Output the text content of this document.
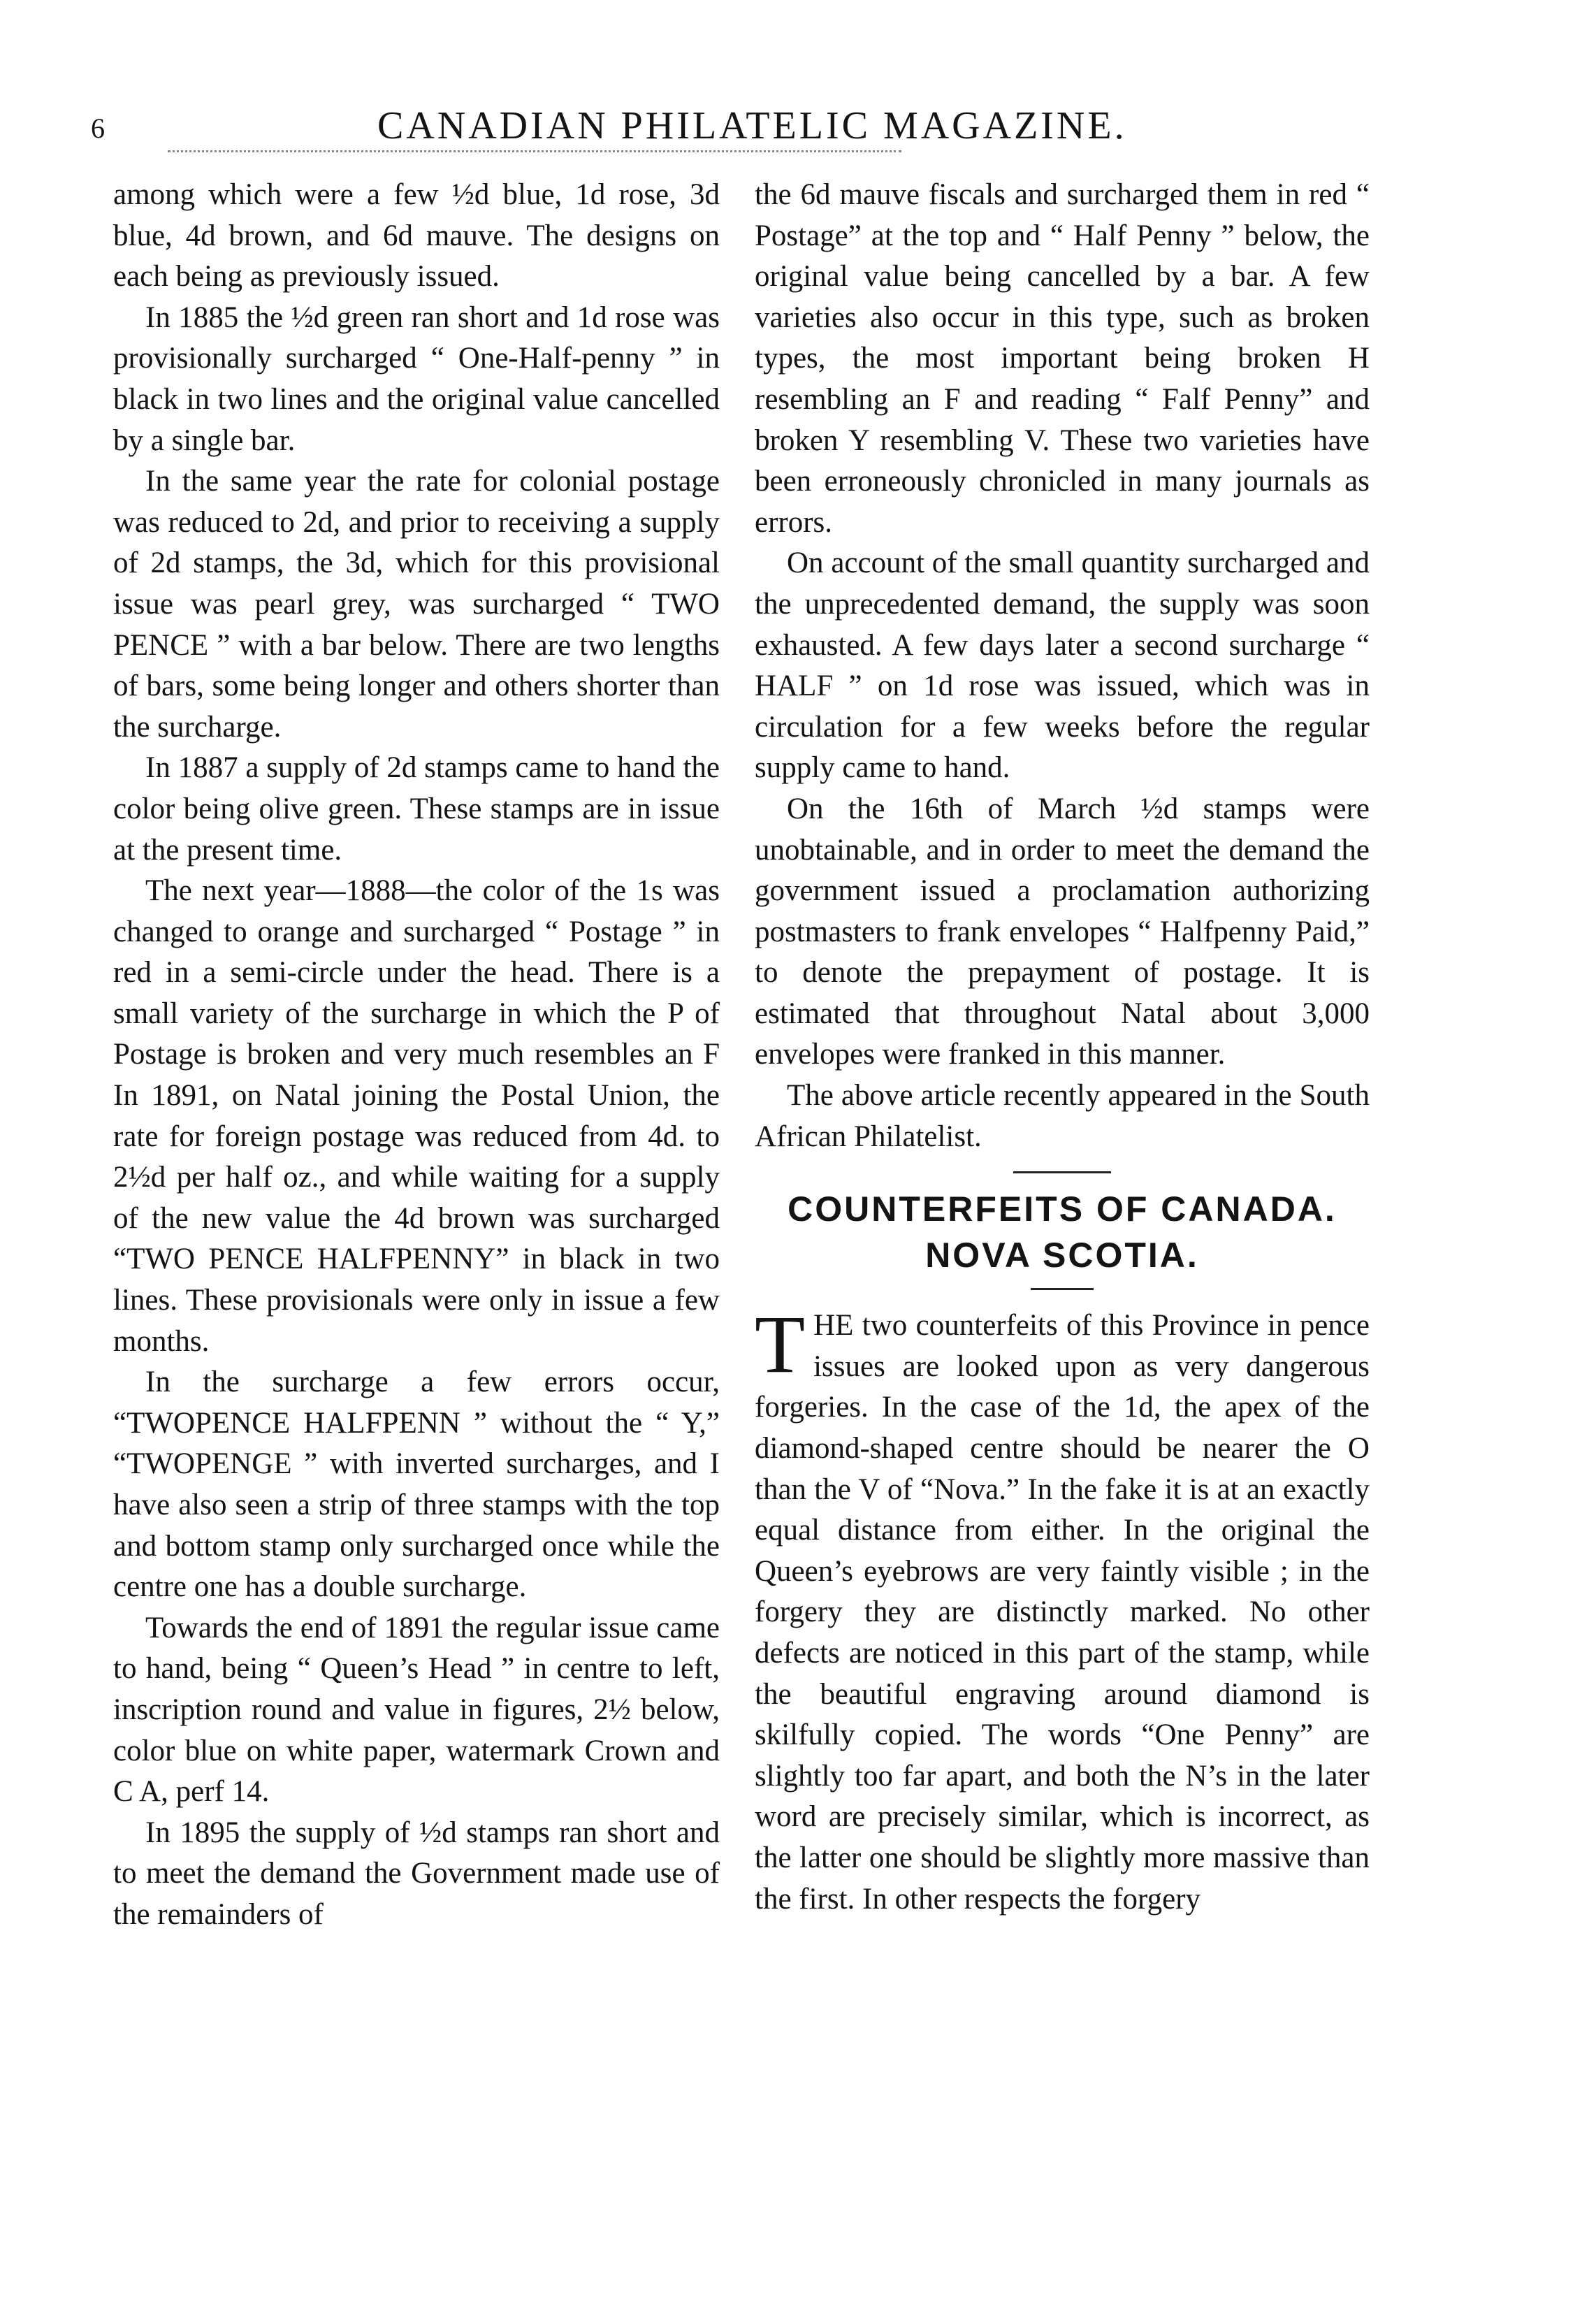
6	CANADIAN PHILATELIC MAGAZINE.

among which were a few ½d blue, 1d rose, 3d blue, 4d brown, and 6d mauve. The designs on each being as previously issued.

In 1885 the ½d green ran short and 1d rose was provisionally surcharged “ One-Half-penny ” in black in two lines and the original value cancelled by a single bar.

In the same year the rate for colonial postage was reduced to 2d, and prior to receiving a supply of 2d stamps, the 3d, which for this provisional issue was pearl grey, was surcharged “ TWO PENCE ” with a bar below. There are two lengths of bars, some being longer and others shorter than the surcharge.

In 1887 a supply of 2d stamps came to hand the color being olive green. These stamps are in issue at the present time.

The next year—1888—the color of the 1s was changed to orange and surcharged “ Postage ” in red in a semi-circle under the head. There is a small variety of the surcharge in which the P of Postage is broken and very much resembles an F In 1891, on Natal joining the Postal Union, the rate for foreign postage was reduced from 4d. to 2½d per half oz., and while waiting for a supply of the new value the 4d brown was surcharged “TWO PENCE HALFPENNY” in black in two lines. These provisionals were only in issue a few months.

In the surcharge a few errors occur, “TWOPENCE HALFPENN ” without the “ Y,” “TWOPENGE ” with inverted surcharges, and I have also seen a strip of three stamps with the top and bottom stamp only surcharged once while the centre one has a double surcharge.

Towards the end of 1891 the regular issue came to hand, being “ Queen’s Head ” in centre to left, inscription round and value in figures, 2½ below, color blue on white paper, watermark Crown and C A, perf 14.

In 1895 the supply of ½d stamps ran short and to meet the demand the Government made use of the remainders of

the 6d mauve fiscals and surcharged them in red “ Postage” at the top and “ Half Penny ” below, the original value being cancelled by a bar. A few varieties also occur in this type, such as broken types, the most important being broken H resembling an F and reading “ Falf Penny” and broken Y resembling V. These two varieties have been erroneously chronicled in many journals as errors.

On account of the small quantity surcharged and the unprecedented demand, the supply was soon exhausted. A few days later a second surcharge “ HALF ” on 1d rose was issued, which was in circulation for a few weeks before the regular supply came to hand.

On the 16th of March ½d stamps were unobtainable, and in order to meet the demand the government issued a proclamation authorizing postmasters to frank envelopes “ Halfpenny Paid,” to denote the prepayment of postage. It is estimated that throughout Natal about 3,000 envelopes were franked in this manner.

The above article recently appeared in the South African Philatelist.

COUNTERFEITS OF CANADA.
NOVA SCOTIA.

THE two counterfeits of this Province in pence issues are looked upon as very dangerous forgeries. In the case of the 1d, the apex of the diamond-shaped centre should be nearer the O than the V of “Nova.” In the fake it is at an exactly equal distance from either. In the original the Queen’s eyebrows are very faintly visible ; in the forgery they are distinctly marked. No other defects are noticed in this part of the stamp, while the beautiful engraving around diamond is skilfully copied. The words “One Penny” are slightly too far apart, and both the N’s in the later word are precisely similar, which is incorrect, as the latter one should be slightly more massive than the first. In other respects the forgery
